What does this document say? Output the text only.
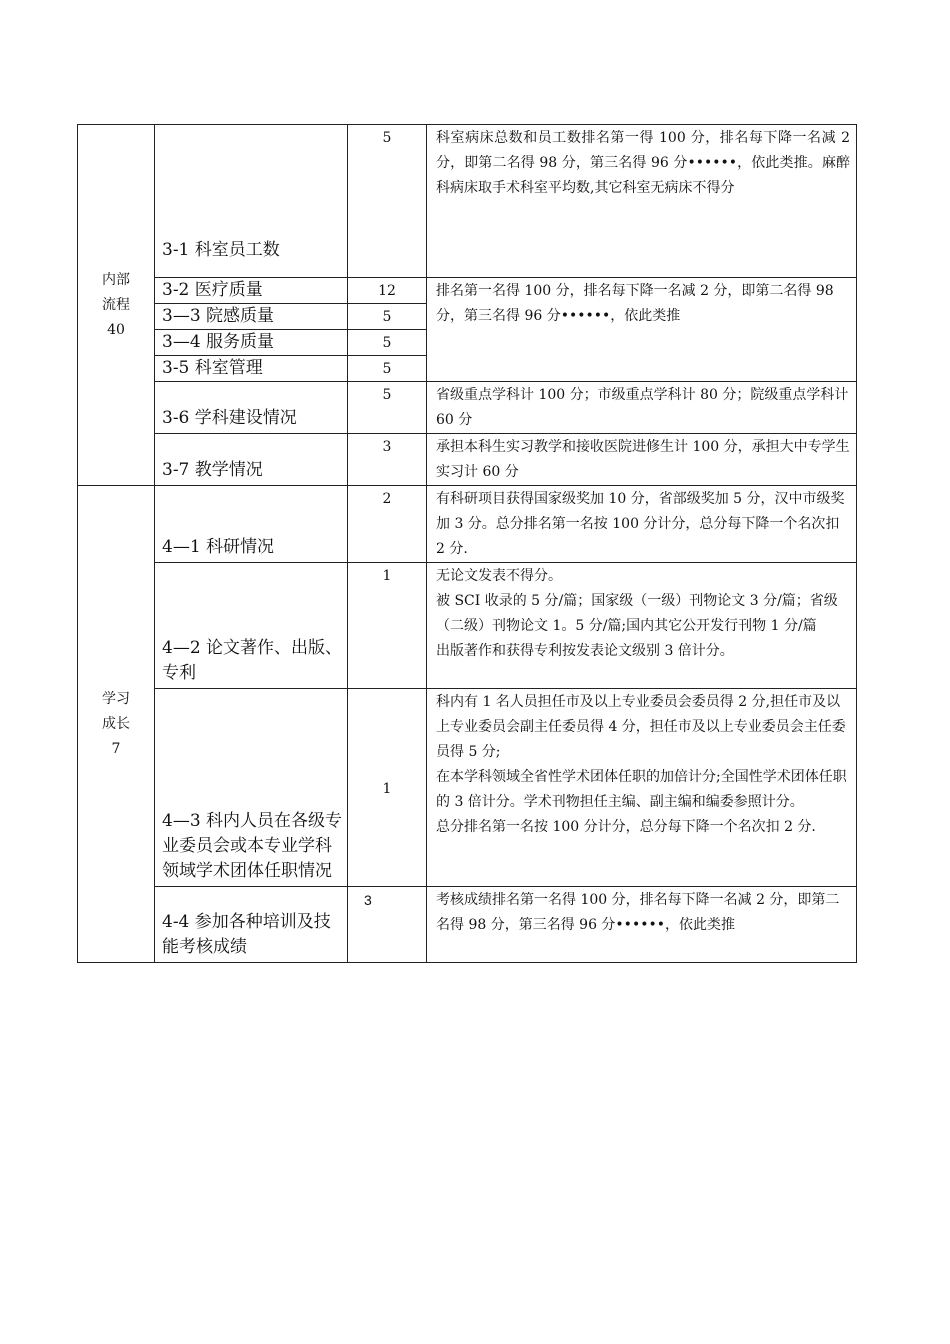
内部
流程
40	3-1 科室员工数	5	科室病床总数和员工数排名第一得 100 分，排名每下降一名减 2 分，即第二名得 98 分，第三名得 96 分••••••，依此类推。麻醉科病床取手术科室平均数,其它科室无病床不得分
	3-2 医疗质量	12	排名第一名得 100 分，排名每下降一名减 2 分，即第二名得 98 分，第三名得 96 分••••••，依此类推
	3—3 院感质量	5	
	3—4 服务质量	5	
	3-5 科室管理	5	
	3-6 学科建设情况	5	省级重点学科计 100 分；市级重点学科计 80 分；院级重点学科计 60 分
	3-7 教学情况	3	承担本科生实习教学和接收医院进修生计 100 分，承担大中专学生实习计 60 分

学习
成长
7	4—1 科研情况	2	有科研项目获得国家级奖加 10 分，省部级奖加 5 分，汉中市级奖加 3 分。总分排名第一名按 100 分计分，总分每下降一个名次扣 2 分.
	4—2 论文著作、出版、专利	1	无论文发表不得分。
被 SCI 收录的 5 分/篇；国家级（一级）刊物论文 3 分/篇；省级（二级）刊物论文 1。5 分/篇;国内其它公开发行刊物 1 分/篇
出版著作和获得专利按发表论文级别 3 倍计分。

	4—3 科内人员在各级专业委员会或本专业学科领域学术团体任职情况	1	科内有 1 名人员担任市及以上专业委员会委员得 2 分,担任市及以上专业委员会副主任委员得 4 分，担任市及以上专业委员会主任委员得 5 分;
在本学科领域全省性学术团体任职的加倍计分;全国性学术团体任职的 3 倍计分。学术刊物担任主编、副主编和编委参照计分。
总分排名第一名按 100 分计分，总分每下降一个名次扣 2 分.

	4-4 参加各种培训及技能考核成绩	3	考核成绩排名第一名得 100 分，排名每下降一名减 2 分，即第二名得 98 分，第三名得 96 分••••••，依此类推
